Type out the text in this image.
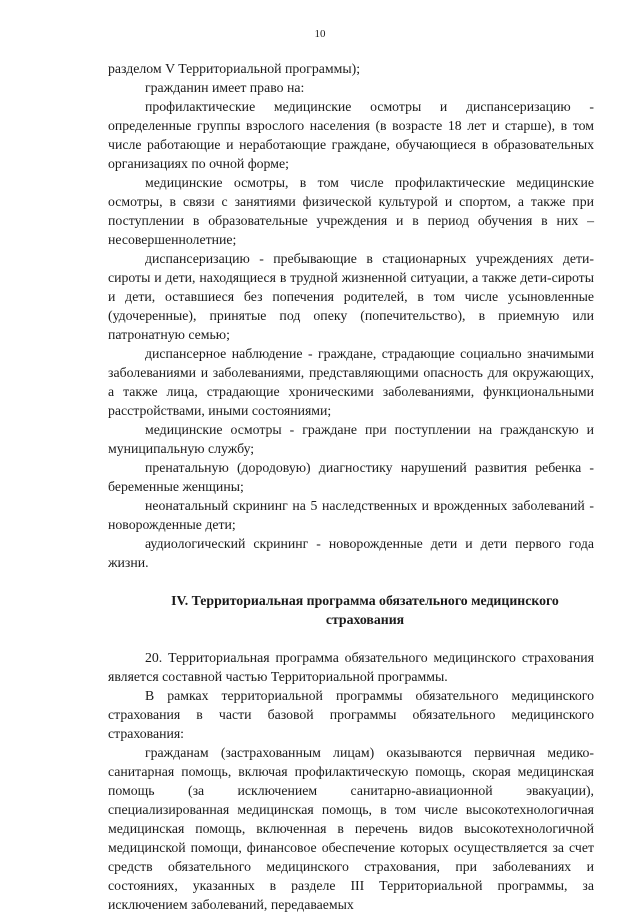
10

разделом V Территориальной программы);

гражданин имеет право на:

профилактические медицинские осмотры и диспансеризацию - определенные группы взрослого населения (в возрасте 18 лет и старше), в том числе работающие и неработающие граждане, обучающиеся в образовательных организациях по очной форме;

медицинские осмотры, в том числе профилактические медицинские осмотры, в связи с занятиями физической культурой и спортом, а также при поступлении в образовательные учреждения и в период обучения в них – несовершеннолетние;

диспансеризацию - пребывающие в стационарных учреждениях дети-сироты и дети, находящиеся в трудной жизненной ситуации, а также дети-сироты и дети, оставшиеся без попечения родителей, в том числе усыновленные (удочеренные), принятые под опеку (попечительство), в приемную или патронатную семью;

диспансерное наблюдение - граждане, страдающие социально значимыми заболеваниями и заболеваниями, представляющими опасность для окружающих, а также лица, страдающие хроническими заболеваниями, функциональными расстройствами, иными состояниями;

медицинские осмотры - граждане при поступлении на гражданскую и муниципальную службу;

пренатальную (дородовую) диагностику нарушений развития ребенка - беременные женщины;

неонатальный скрининг на 5 наследственных и врожденных заболеваний - новорожденные дети;

аудиологический скрининг - новорожденные дети и дети первого года жизни.

IV. Территориальная программа обязательного медицинского страхования

20. Территориальная программа обязательного медицинского страхования является составной частью Территориальной программы.

В рамках территориальной программы обязательного медицинского страхования в части базовой программы обязательного медицинского страхования:

гражданам (застрахованным лицам) оказываются первичная медико-санитарная помощь, включая профилактическую помощь, скорая медицинская помощь (за исключением санитарно-авиационной эвакуации), специализированная медицинская помощь, в том числе высокотехнологичная медицинская помощь, включенная в перечень видов высокотехнологичной медицинской помощи, финансовое обеспечение которых осуществляется за счет средств обязательного медицинского страхования, при заболеваниях и состояниях, указанных в разделе III Территориальной программы, за исключением заболеваний, передаваемых
